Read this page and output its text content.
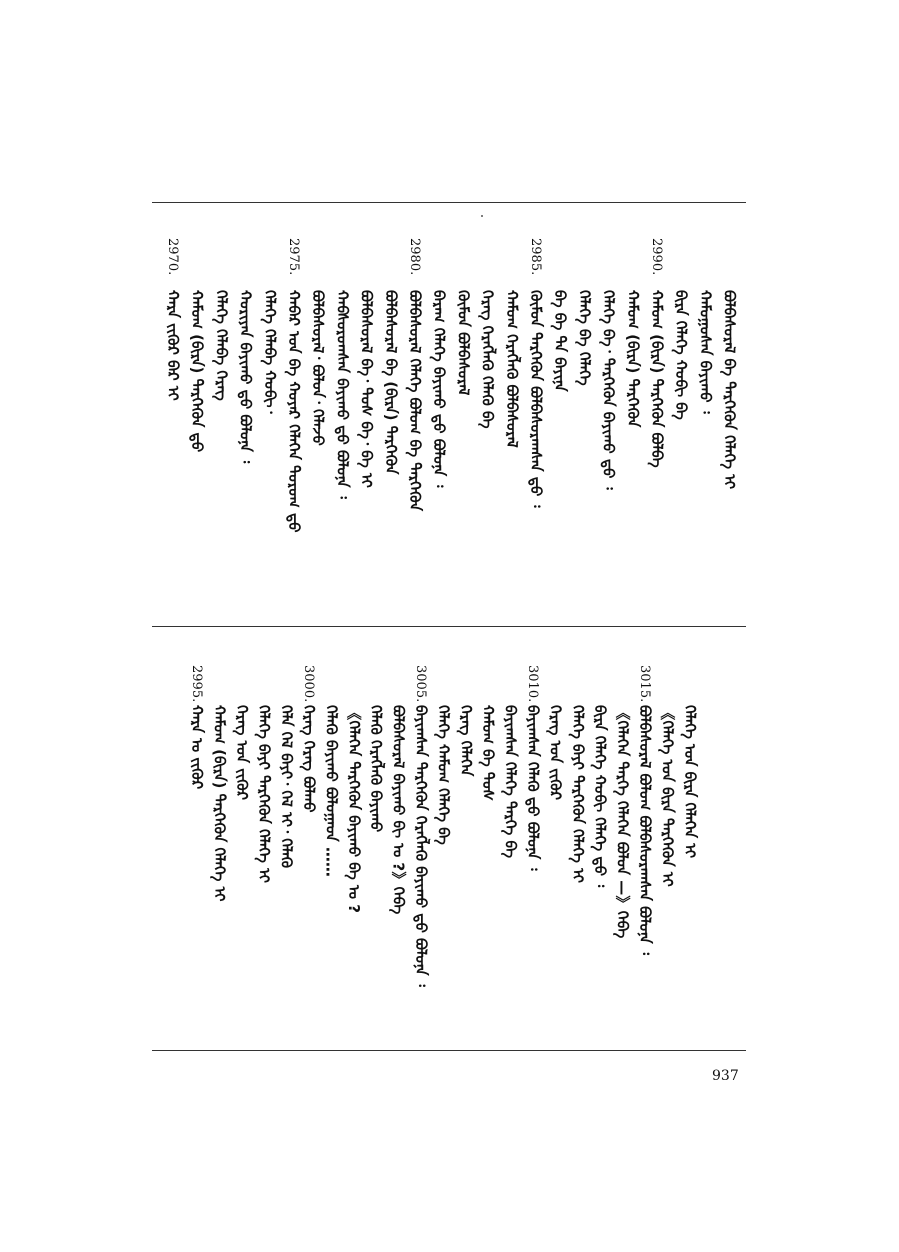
2970.
ᠬᠠᠷᠠ ᠵᠢᠭᠦᠷ ᠪᠡᠷ ᠢ ᠬᠠᠮᠤᠭ (ᠪᠢᠷᠠ) ᠲᠡᠷᠭᠡᠭᠦᠨ ᠳ᠋ᠦ ᠬᠡᠯᠡᠭᠡ ᠬᠡᠯᠡᠪᠡ ᠬᠡᠷᠡᠭ ᠬᠤᠷᠢᠶᠠᠨ ᠪᠠᠶᠢᠬᠤ ᠳ᠋ᠤ ᠪᠣᠯᠤᠨᠠ ᠄ ᠬᠡᠯᠡᠭᠡ ᠬᠡᠯᠡᠪᠡ ᠬᠤᠪᠢ᠂
2975.
ᠬᠠᠪᠠᠷ ᠤᠨ ᠪᠠ ᠬᠤᠶᠠᠷ ᠬᠡᠯᠡᠭᠡᠨ ᠳᠤᠷᠤᠭ ᠳ᠋ᠤ ᠪᠣᠯᠪᠠᠰᠤᠷᠠᠯ᠂ ᠪᠣᠯᠤᠨ᠂ ᠬᠡᠯᠡᠵᠦ ᠬᠠᠪᠰᠤᠷᠤᠭᠰᠠᠨ ᠪᠠᠶᠢᠬᠤ ᠳ᠋ᠤ ᠪᠣᠯᠤᠨᠠ ᠄ ᠪᠣᠯᠪᠠᠰᠤᠷᠠᠯ ᠪᠠ᠂ ᠲᠤᠰ ᠪᠠ᠂ ᠪᠠ ᠢ ᠪᠣᠯᠪᠠᠰᠤᠷᠠᠯ ᠪᠠ (ᠪᠢᠷᠠ) ᠲᠡᠷᠭᠡᠭᠦᠨ
2980.
ᠪᠣᠯᠪᠠᠰᠤᠷᠠᠯ ᠬᠡᠯᠡᠭᠡ ᠪᠣᠯᠤᠭ ᠪᠠ ᠲᠡᠷᠭᠡᠭᠦᠨ ᠪᠠᠷᠠᠭ ᠬᠡᠯᠡᠭᠡ ᠪᠠᠶᠢᠬᠤ ᠳ᠋ᠤ ᠪᠣᠯᠤᠨᠠ ᠄ ᠬᠦᠮᠦᠨ ᠪᠣᠯᠪᠠᠰᠤᠷᠠᠯ ᠬᠡᠷᠡᠭ ᠬᠡᠷᠡᠭᠯᠡᠬᠦ ᠬᠡᠯᠡᠬᠦ ᠪᠠ ᠬᠠᠮᠤᠭ ᠬᠡᠷᠡᠭᠯᠡᠬᠦ ᠪᠣᠯᠪᠠᠰᠤᠷᠠᠯ
2985.
ᠬᠦᠮᠦᠨ ᠲᠡᠷᠭᠡᠭᠦᠨ ᠪᠣᠯᠪᠠᠰᠤᠷᠠᠭᠰᠠᠨ ᠳ᠋ᠤ ᠄ ᠪᠠ ᠪᠠ ᠲᠠ ᠪᠠᠶᠢᠨᠠ ᠬᠡᠯᠡᠭᠡ ᠪᠠ ᠬᠡᠯᠡᠭᠡ ᠬᠡᠯᠡᠭᠡ ᠪᠠ᠂ ᠲᠡᠷᠭᠡᠭᠦᠨ ᠪᠠᠶᠢᠬᠤ ᠳ᠋ᠤ ᠄ ᠬᠠᠮᠤᠭ (ᠪᠢᠷᠠ) ᠲᠡᠷᠭᠡᠭᠦᠨ
2990.
ᠬᠠᠮᠤᠭ (ᠪᠢᠷᠠ) ᠲᠡᠷᠭᠡᠭᠦᠨ ᠪᠣᠯᠪᠠ ᠪᠢᠷᠠ ᠬᠡᠯᠡᠭᠡ ᠬᠤᠪᠢ ᠪᠠ ᠬᠠᠮᠤᠭᠤᠰᠠᠨ ᠪᠠᠶᠢᠬᠤ ᠄ ᠪᠣᠯᠪᠠᠰᠤᠷᠠᠯ ᠪᠠ ᠲᠡᠷᠭᠡᠭᠦᠨ ᠬᠡᠯᠡᠭᠡ ᠢ
2995.
ᠬᠠᠷᠠ ᠤ ᠵᠢᠭᠦᠷ ᠬᠠᠮᠤᠭ (ᠪᠢᠷᠠ) ᠲᠡᠷᠭᠡᠭᠦᠨ ᠬᠡᠯᠡᠭᠡ ᠢ ᠬᠡᠷᠡᠭ ᠤᠨ ᠵᠢᠭᠦᠷ ᠬᠡᠯᠡᠭᠡ ᠪᠠᠶᠢ ᠲᠡᠷᠭᠡᠭᠦᠨ ᠬᠡᠯᠡᠭᠡ ᠢ ᠬᠡᠯᠡ ᠬᠡᠯ ᠪᠠᠶᠢ᠂ ᠬᠡᠯ ᠢ᠂ ᠬᠡᠯᠡᠬᠦ
3000.
ᠬᠡᠷᠡᠭ ᠬᠡᠷᠡᠭ ᠪᠣᠯᠬᠤ ᠬᠡᠯᠡᠬᠦ ᠪᠠᠶᠢᠬᠤ ᠪᠣᠯᠤᠭᠠᠳ …… 《ᠬᠡᠯᠡᠭᠡᠨ ᠲᠡᠷᠭᠡᠭᠦᠨ ᠪᠠᠶᠢᠬᠤ ᠪᠠ ᠤ ? ᠬᠡᠯᠡᠬᠦ ᠬᠡᠷᠡᠭᠯᠡᠬᠦ ᠪᠠᠶᠢᠬᠤ ᠪᠣᠯᠪᠠᠰᠤᠷᠠᠯ ᠪᠠᠶᠢᠬᠤ ᠪᠢ ᠤ ?》ᠭᠡᠪᠡ
3005.
ᠪᠠᠶᠢᠭᠰᠠᠨ ᠲᠡᠷᠭᠡᠭᠦᠨ ᠬᠡᠷᠡᠭᠯᠡᠬᠦ ᠪᠠᠶᠢᠬᠤ ᠳ᠋ᠤ ᠪᠣᠯᠤᠨᠠ ᠄ ᠬᠡᠯᠡᠭᠡ ᠬᠠᠮᠤᠭ ᠬᠡᠯᠡᠭᠡ ᠪᠠ ᠬᠡᠷᠡᠭ ᠬᠡᠯᠡᠭᠡᠨ ᠬᠠᠮᠤᠭ ᠪᠠ ᠲᠤᠰ ᠪᠠᠶᠢᠭᠰᠠᠨ ᠬᠡᠯᠡᠭᠡ ᠲᠡᠷᠭᠡ ᠪᠠ
3010.
ᠪᠠᠶᠢᠭᠰᠠᠨ ᠬᠡᠯᠡᠬᠦ ᠳ᠋ᠤ ᠪᠣᠯᠤᠨᠠ ᠄ ᠬᠡᠷᠡᠭ ᠤᠨ ᠵᠢᠭᠦᠷ ᠬᠡᠯᠡᠭᠡ ᠪᠠᠶᠢ ᠲᠡᠷᠭᠡᠭᠦᠨ ᠬᠡᠯᠡᠭᠡ ᠢ ᠪᠢᠷᠠ ᠬᠡᠯᠡᠭᠡ ᠬᠤᠪᠢ ᠬᠡᠯᠡᠭᠡ ᠳ᠋ᠤ ᠄ 《ᠬᠡᠯᠡᠭᠡᠨ ᠲᠡᠷᠭᠡ ᠬᠡᠯᠡᠭᠡᠨ ᠪᠣᠯᠤᠨ —》ᠭᠡᠪᠡ
3015.
ᠪᠣᠯᠪᠠᠰᠤᠷᠠᠯ ᠪᠣᠯᠤᠭ ᠪᠣᠯᠪᠠᠰᠤᠷᠠᠭᠰᠠᠨ ᠪᠣᠯᠤᠨᠠ ᠄ 《ᠬᠡᠯᠡᠭᠡ ᠤᠨ ᠪᠢᠷᠠ ᠲᠡᠷᠭᠡᠭᠦᠨ ᠢ ᠬᠡᠯᠡᠭᠡ ᠤᠨ ᠪᠢᠷᠠ ᠬᠡᠯᠡᠭᠡᠨ ᠢ
937
